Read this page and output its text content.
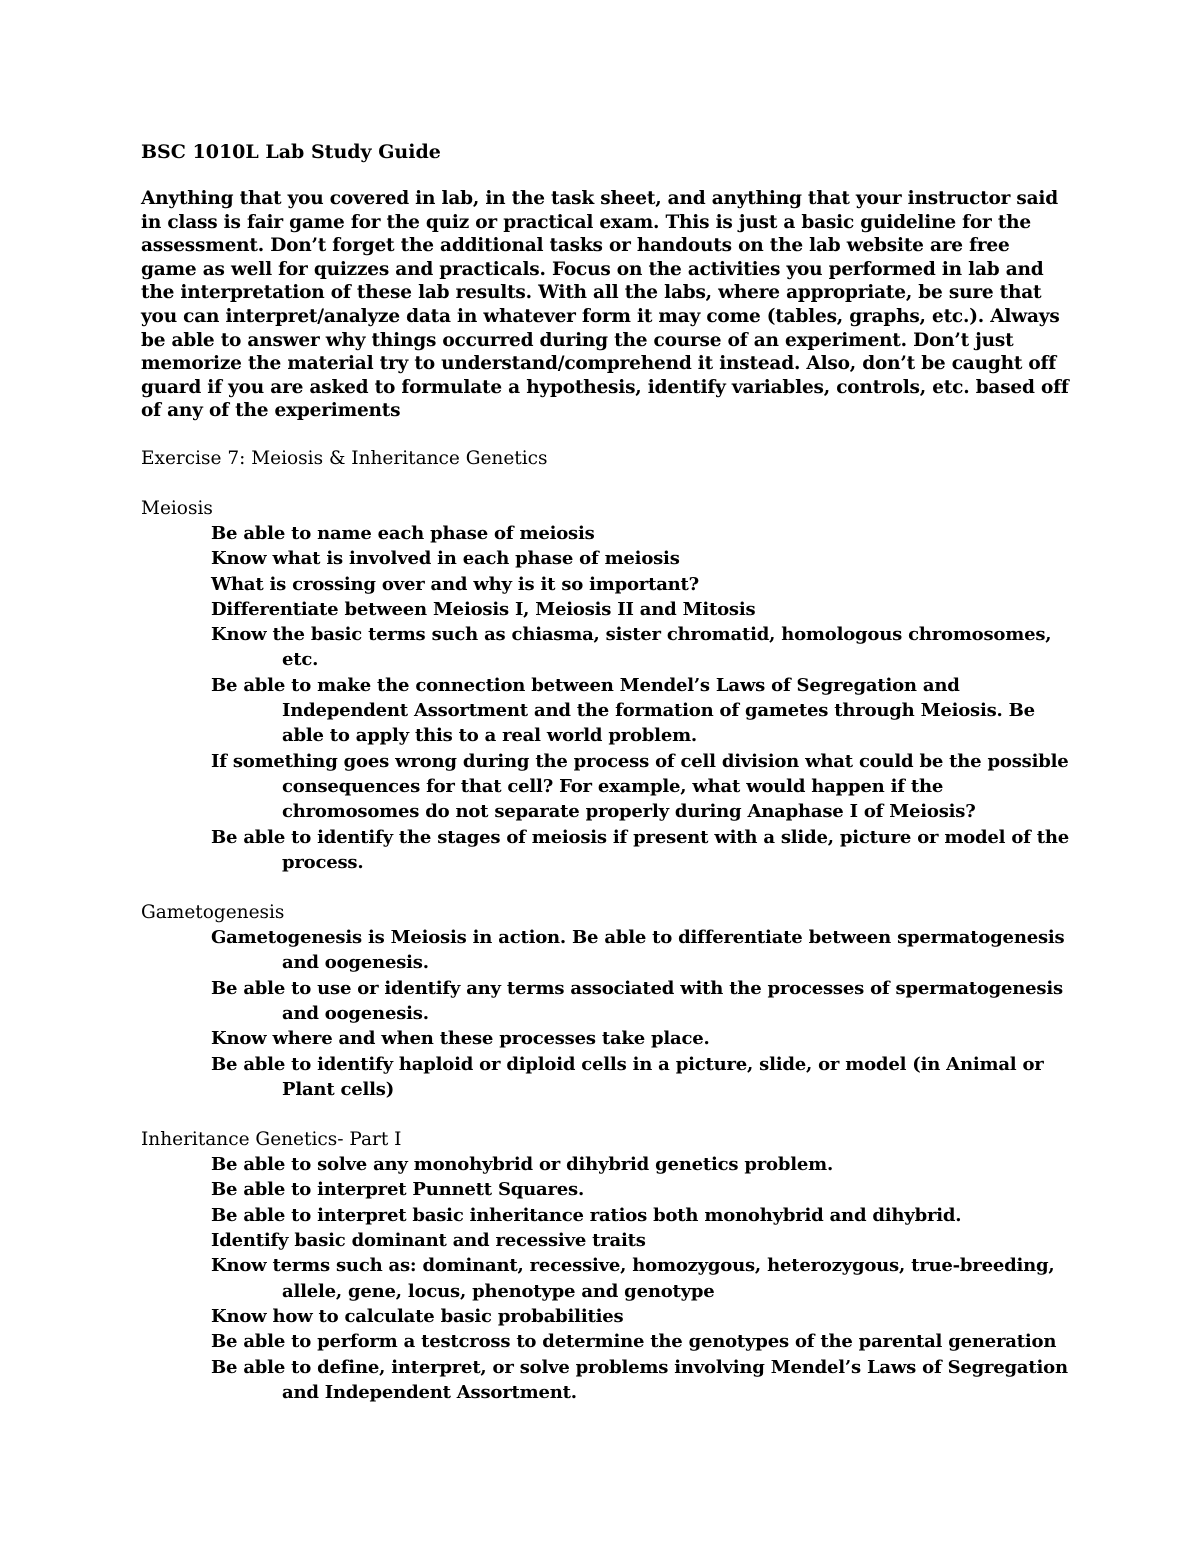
BSC 1010L Lab Study Guide
Anything that you covered in lab, in the task sheet, and anything that your instructor said in class is fair game for the quiz or practical exam. This is just a basic guideline for the assessment. Don’t forget the additional tasks or handouts on the lab website are free game as well for quizzes and practicals. Focus on the activities you performed in lab and the interpretation of these lab results. With all the labs, where appropriate, be sure that you can interpret/analyze data in whatever form it may come (tables, graphs, etc.). Always be able to answer why things occurred during the course of an experiment. Don’t just memorize the material try to understand/comprehend it instead. Also, don’t be caught off guard if you are asked to formulate a hypothesis, identify variables, controls, etc. based off of any of the experiments
Exercise 7: Meiosis & Inheritance Genetics
Meiosis
Be able to name each phase of meiosis
Know what is involved in each phase of meiosis
What is crossing over and why is it so important?
Differentiate between Meiosis I, Meiosis II and Mitosis
Know the basic terms such as chiasma, sister chromatid, homologous chromosomes, etc.
Be able to make the connection between Mendel’s Laws of Segregation and Independent Assortment and the formation of gametes through Meiosis. Be able to apply this to a real world problem.
If something goes wrong during the process of cell division what could be the possible consequences for that cell? For example, what would happen if the chromosomes do not separate properly during Anaphase I of Meiosis?
Be able to identify the stages of meiosis if present with a slide, picture or model of the process.
Gametogenesis
Gametogenesis is Meiosis in action. Be able to differentiate between spermatogenesis and oogenesis.
Be able to use or identify any terms associated with the processes of spermatogenesis and oogenesis.
Know where and when these processes take place.
Be able to identify haploid or diploid cells in a picture, slide, or model (in Animal or Plant cells)
Inheritance Genetics- Part I
Be able to solve any monohybrid or dihybrid genetics problem.
Be able to interpret Punnett Squares.
Be able to interpret basic inheritance ratios both monohybrid and dihybrid.
Identify basic dominant and recessive traits
Know terms such as: dominant, recessive, homozygous, heterozygous, true-breeding, allele, gene, locus, phenotype and genotype
Know how to calculate basic probabilities
Be able to perform a testcross to determine the genotypes of the parental generation
Be able to define, interpret, or solve problems involving Mendel’s Laws of Segregation and Independent Assortment.
